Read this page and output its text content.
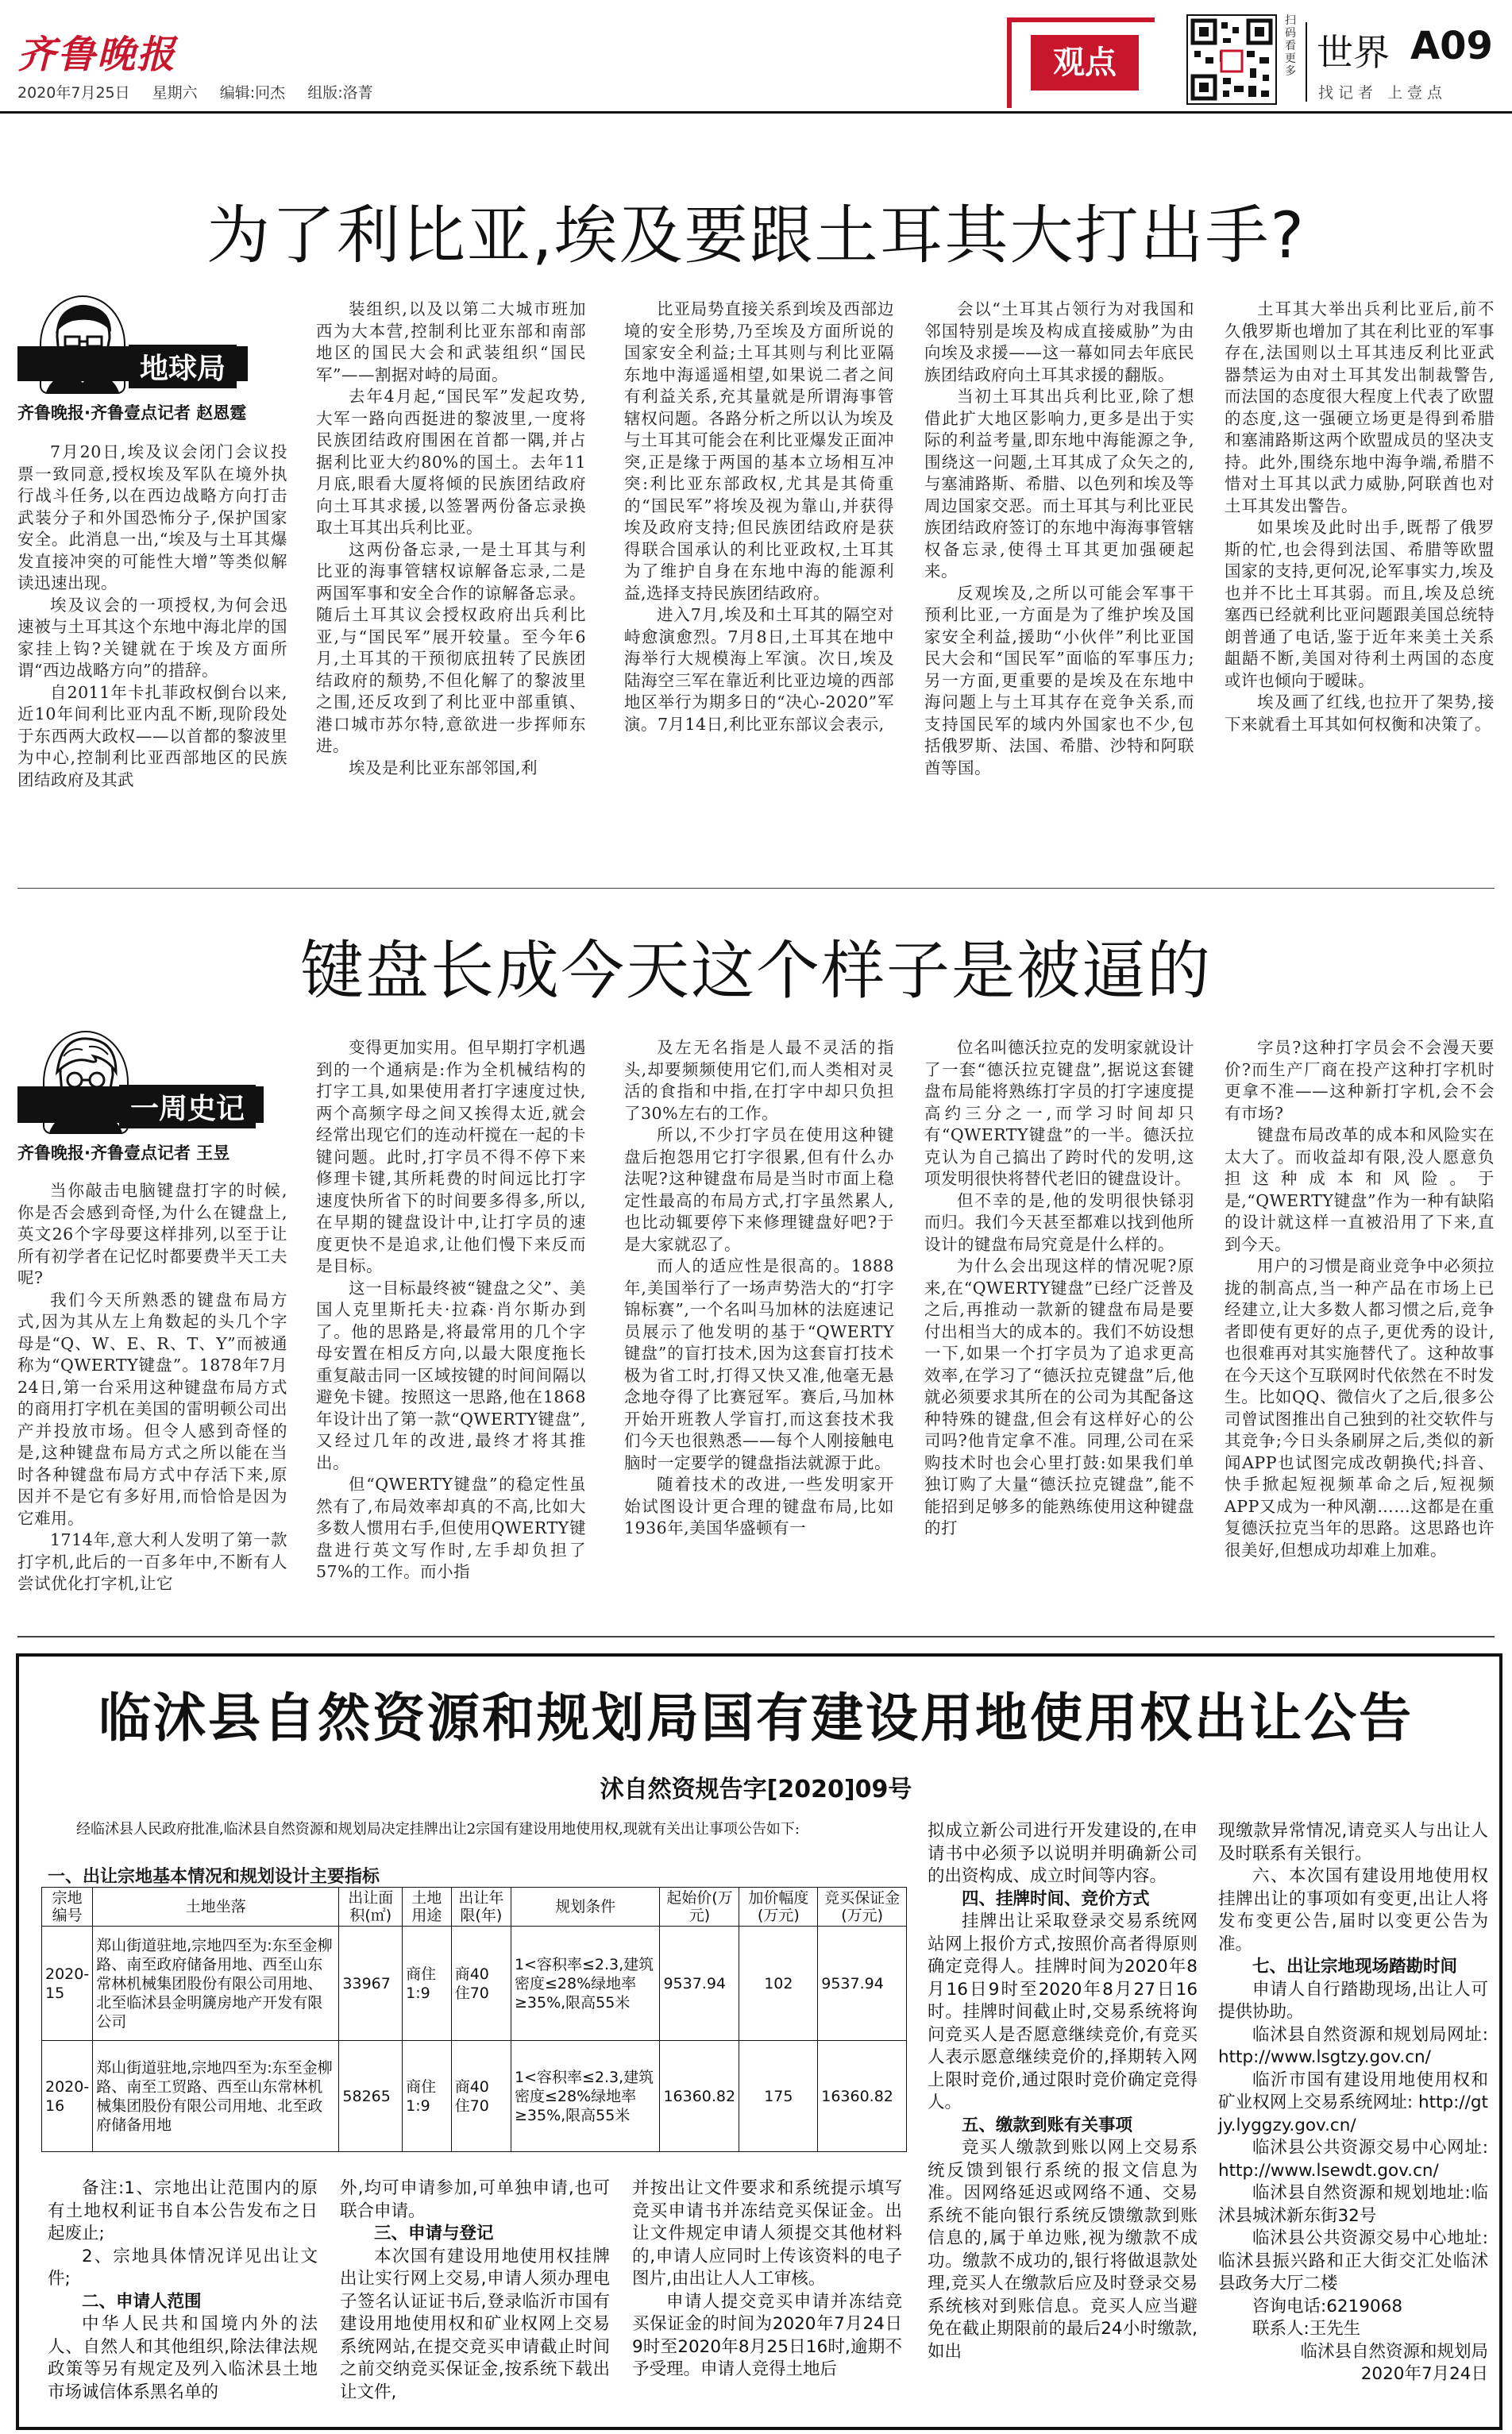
齐鲁晚报
2020年7月25日 星期六 编辑:冋杰 组版:洛菁
观点
扫码看更多 世界 A09
找记者 上壹点
为了利比亚,埃及要跟土耳其大打出手?
地球局
齐鲁晚报·齐鲁壹点记者 赵恩霆

7月20日,埃及议会闭门会议投票一致同意,授权埃及军队在境外执行战斗任务,以在西边战略方向打击武装分子和外国恐怖分子,保护国家安全。此消息一出,“埃及与土耳其爆发直接冲突的可能性大增”等类似解读迅速出现。

埃及议会的一项授权,为何会迅速被与土耳其这个东地中海北岸的国家挂上钩?关键就在于埃及方面所谓“西边战略方向”的措辞。

自2011年卡扎菲政权倒台以来,近10年间利比亚内乱不断,现阶段处于东西两大政权——以首都的黎波里为中心,控制利比亚西部地区的民族团结政府及其武

装组织,以及以第二大城市班加西为大本营,控制利比亚东部和南部地区的国民大会和武装组织“国民军”——割据对峙的局面。

去年4月起,“国民军”发起攻势,大军一路向西挺进的黎波里,一度将民族团结政府围困在首都一隅,并占据利比亚大约80%的国土。去年11月底,眼看大厦将倾的民族团结政府向土耳其求援,以签署两份备忘录换取土耳其出兵利比亚。

这两份备忘录,一是土耳其与利比亚的海事管辖权谅解备忘录,二是两国军事和安全合作的谅解备忘录。随后土耳其议会授权政府出兵利比亚,与“国民军”展开较量。至今年6月,土耳其的干预彻底扭转了民族团结政府的颓势,不但化解了的黎波里之围,还反攻到了利比亚中部重镇、港口城市苏尔特,意欲进一步挥师东进。

埃及是利比亚东部邻国,利

比亚局势直接关系到埃及西部边境的安全形势,乃至埃及方面所说的国家安全利益;土耳其则与利比亚隔东地中海遥遥相望,如果说二者之间有利益关系,充其量就是所谓海事管辖权问题。各路分析之所以认为埃及与土耳其可能会在利比亚爆发正面冲突,正是缘于两国的基本立场相互冲突:利比亚东部政权,尤其是其倚重的“国民军”将埃及视为靠山,并获得埃及政府支持;但民族团结政府是获得联合国承认的利比亚政权,土耳其为了维护自身在东地中海的能源利益,选择支持民族团结政府。

进入7月,埃及和土耳其的隔空对峙愈演愈烈。7月8日,土耳其在地中海举行大规模海上军演。次日,埃及陆海空三军在靠近利比亚边境的西部地区举行为期多日的“决心-2020”军演。7月14日,利比亚东部议会表示,

会以“土耳其占领行为对我国和邻国特别是埃及构成直接威胁”为由向埃及求援——这一幕如同去年底民族团结政府向土耳其求援的翻版。

当初土耳其出兵利比亚,除了想借此扩大地区影响力,更多是出于实际的利益考量,即东地中海能源之争,围绕这一问题,土耳其成了众矢之的,与塞浦路斯、希腊、以色列和埃及等周边国家交恶。而土耳其与利比亚民族团结政府签订的东地中海海事管辖权备忘录,使得土耳其更加强硬起来。

反观埃及,之所以可能会军事干预利比亚,一方面是为了维护埃及国家安全利益,援助“小伙伴”利比亚国民大会和“国民军”面临的军事压力;另一方面,更重要的是埃及在东地中海问题上与土耳其存在竞争关系,而支持国民军的域内外国家也不少,包括俄罗斯、法国、希腊、沙特和阿联酋等国。

土耳其大举出兵利比亚后,前不久俄罗斯也增加了其在利比亚的军事存在,法国则以土耳其违反利比亚武器禁运为由对土耳其发出制裁警告,而法国的态度很大程度上代表了欧盟的态度,这一强硬立场更是得到希腊和塞浦路斯这两个欧盟成员的坚决支持。此外,围绕东地中海争端,希腊不惜对土耳其以武力威胁,阿联酋也对土耳其发出警告。

如果埃及此时出手,既帮了俄罗斯的忙,也会得到法国、希腊等欧盟国家的支持,更何况,论军事实力,埃及也并不比土耳其弱。而且,埃及总统塞西已经就利比亚问题跟美国总统特朗普通了电话,鉴于近年来美土关系龃龉不断,美国对待利土两国的态度或许也倾向于暧昧。

埃及画了红线,也拉开了架势,接下来就看土耳其如何权衡和决策了。

键盘长成今天这个样子是被逼的
一周史记
齐鲁晚报·齐鲁壹点记者 王昱

当你敲击电脑键盘打字的时候,你是否会感到奇怪,为什么在键盘上,英文26个字母要这样排列,以至于让所有初学者在记忆时都要费半天工夫呢?

我们今天所熟悉的键盘布局方式,因为其从左上角数起的头几个字母是“Q、W、E、R、T、Y”而被通称为“QWERTY键盘”。1878年7月24日,第一台采用这种键盘布局方式的商用打字机在美国的雷明顿公司出产并投放市场。但令人感到奇怪的是,这种键盘布局方式之所以能在当时各种键盘布局方式中存活下来,原因并不是它有多好用,而恰恰是因为它难用。

1714年,意大利人发明了第一款打字机,此后的一百多年中,不断有人尝试优化打字机,让它

变得更加实用。但早期打字机遇到的一个通病是:作为全机械结构的打字工具,如果使用者打字速度过快,两个高频字母之间又挨得太近,就会经常出现它们的连动杆搅在一起的卡键问题。此时,打字员不得不停下来修理卡键,其所耗费的时间远比打字速度快所省下的时间要多得多,所以,在早期的键盘设计中,让打字员的速度更快不是追求,让他们慢下来反而是目标。

这一目标最终被“键盘之父”、美国人克里斯托夫·拉森·肖尔斯办到了。他的思路是,将最常用的几个字母安置在相反方向,以最大限度拖长重复敲击同一区域按键的时间间隔以避免卡键。按照这一思路,他在1868年设计出了第一款“QWERTY键盘”,又经过几年的改进,最终才将其推出。

但“QWERTY键盘”的稳定性虽然有了,布局效率却真的不高,比如大多数人惯用右手,但使用QWERTY键盘进行英文写作时,左手却负担了57%的工作。而小指

及左无名指是人最不灵活的指头,却要频频使用它们,而人类相对灵活的食指和中指,在打字中却只负担了30%左右的工作。

所以,不少打字员在使用这种键盘后抱怨用它打字很累,但有什么办法呢?这种键盘布局是当时市面上稳定性最高的布局方式,打字虽然累人,也比动辄要停下来修理键盘好吧?于是大家就忍了。

而人的适应性是很高的。1888年,美国举行了一场声势浩大的“打字锦标赛”,一个名叫马加林的法庭速记员展示了他发明的基于“QWERTY键盘”的盲打技术,因为这套盲打技术极为省工时,打得又快又准,他毫无悬念地夺得了比赛冠军。赛后,马加林开始开班教人学盲打,而这套技术我们今天也很熟悉——每个人刚接触电脑时一定要学的键盘指法就源于此。

随着技术的改进,一些发明家开始试图设计更合理的键盘布局,比如1936年,美国华盛顿有一

位名叫德沃拉克的发明家就设计了一套“德沃拉克键盘”,据说这套键盘布局能将熟练打字员的打字速度提高约三分之一,而学习时间却只有“QWERTY键盘”的一半。德沃拉克认为自己搞出了跨时代的发明,这项发明很快将替代老旧的键盘设计。

但不幸的是,他的发明很快铩羽而归。我们今天甚至都难以找到他所设计的键盘布局究竟是什么样的。

为什么会出现这样的情况呢?原来,在“QWERTY键盘”已经广泛普及之后,再推动一款新的键盘布局是要付出相当大的成本的。我们不妨设想一下,如果一个打字员为了追求更高效率,在学习了“德沃拉克键盘”后,他就必须要求其所在的公司为其配备这种特殊的键盘,但会有这样好心的公司吗?他肯定拿不准。同理,公司在采购技术时也会心里打鼓:如果我们单独订购了大量“德沃拉克键盘”,能不能招到足够多的能熟练使用这种键盘的打

字员?这种打字员会不会漫天要价?而生产厂商在投产这种打字机时更拿不准——这种新打字机,会不会有市场?

键盘布局改革的成本和风险实在太大了。而收益却有限,没人愿意负担这种成本和风险。于是,“QWERTY键盘”作为一种有缺陷的设计就这样一直被沿用了下来,直到今天。

用户的习惯是商业竞争中必须拉拢的制高点,当一种产品在市场上已经建立,让大多数人都习惯之后,竞争者即使有更好的点子,更优秀的设计,也很难再对其实施替代了。这种故事在今天这个互联网时代依然在不时发生。比如QQ、微信火了之后,很多公司曾试图推出自己独到的社交软件与其竞争;今日头条刷屏之后,类似的新闻APP也试图完成改朝换代;抖音、快手掀起短视频革命之后,短视频APP又成为一种风潮……这都是在重复德沃拉克当年的思路。这思路也许很美好,但想成功却难上加难。

临沭县自然资源和规划局国有建设用地使用权出让公告
沭自然资规告字[2020]09号

经临沭县人民政府批准,临沭县自然资源和规划局决定挂牌出让2宗国有建设用地使用权,现就有关出让事项公告如下:

一、出让宗地基本情况和规划设计主要指标
宗地编号	土地坐落	出让面积(㎡)	土地用途	出让年限(年)	规划条件	起始价(万元)	加价幅度(万元)	竞买保证金(万元)
2020-15	郑山街道驻地,宗地四至为:东至金柳路、南至政府储备用地、西至山东常林机械集团股份有限公司用地、北至临沭县金明篪房地产开发有限公司	33967	商住 1:9	商40 住70	1<容积率≤2.3,建筑密度≤28%绿地率≥35%,限高55米	9537.94	102	9537.94
2020-16	郑山街道驻地,宗地四至为:东至金柳路、南至工贸路、西至山东常林机械集团股份有限公司用地、北至政府储备用地	58265	商住 1:9	商40 住70	1<容积率≤2.3,建筑密度≤28%绿地率≥35%,限高55米	16360.82	175	16360.82

备注:1、宗地出让范围内的原有土地权利证书自本公告发布之日起废止;

2、宗地具体情况详见出让文件;

二、申请人范围

中华人民共和国境内外的法人、自然人和其他组织,除法律法规政策等另有规定及列入临沭县土地市场诚信体系黑名单的

外,均可申请参加,可单独申请,也可联合申请。

三、申请与登记

本次国有建设用地使用权挂牌出让实行网上交易,申请人须办理电子签名认证证书后,登录临沂市国有建设用地使用权和矿业权网上交易系统网站,在提交竞买申请截止时间之前交纳竞买保证金,按系统下载出让文件,

并按出让文件要求和系统提示填写竞买申请书并冻结竞买保证金。出让文件规定申请人须提交其他材料的,申请人应同时上传该资料的电子图片,由出让人人工审核。

申请人提交竞买申请并冻结竞买保证金的时间为2020年7月24日9时至2020年8月25日16时,逾期不予受理。申请人竞得土地后

拟成立新公司进行开发建设的,在申请书中必须予以说明并明确新公司的出资构成、成立时间等内容。

四、挂牌时间、竞价方式

挂牌出让采取登录交易系统网站网上报价方式,按照价高者得原则确定竞得人。挂牌时间为2020年8月16日9时至2020年8月27日16时。挂牌时间截止时,交易系统将询问竞买人是否愿意继续竞价,有竞买人表示愿意继续竞价的,择期转入网上限时竞价,通过限时竞价确定竞得人。

五、缴款到账有关事项

竞买人缴款到账以网上交易系统反馈到银行系统的报文信息为准。因网络延迟或网络不通、交易系统不能向银行系统反馈缴款到账信息的,属于单边账,视为缴款不成功。缴款不成功的,银行将做退款处理,竞买人在缴款后应及时登录交易系统核对到账信息。竞买人应当避免在截止期限前的最后24小时缴款,如出

现缴款异常情况,请竞买人与出让人及时联系有关银行。

六、本次国有建设用地使用权挂牌出让的事项如有变更,出让人将发布变更公告,届时以变更公告为准。

七、出让宗地现场踏勘时间

申请人自行踏勘现场,出让人可提供协助。

临沭县自然资源和规划局网址: http://www.lsgtzy.gov.cn/

临沂市国有建设用地使用权和矿业权网上交易系统网址: http://gtjy.lyggzy.gov.cn/

临沭县公共资源交易中心网址: http://www.lsewdt.gov.cn/

临沭县自然资源和规划地址:临沭县城沭新东街32号

临沭县公共资源交易中心地址:临沭县振兴路和正大街交汇处临沭县政务大厅二楼

咨询电话:6219068

联系人:王先生

临沭县自然资源和规划局

2020年7月24日
